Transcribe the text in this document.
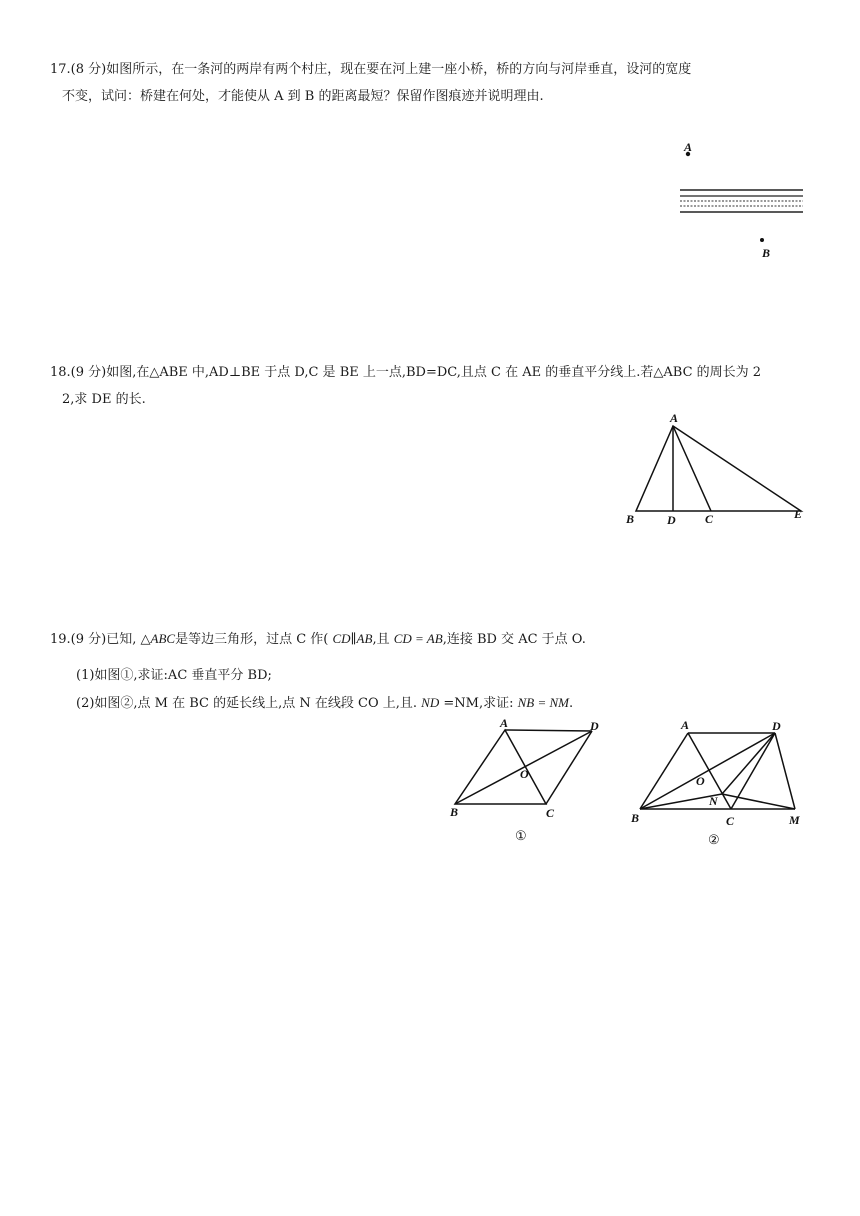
17.(8 分)如图所示，在一条河的两岸有两个村庄，现在要在河上建一座小桥，桥的方向与河岸垂直，设河的宽度
不变，试问：桥建在何处，才能使从 A 到 B 的距离最短？保留作图痕迹并说明理由.
A
B
18.(9 分)如图,在△ABE 中,AD⊥BE 于点 D,C 是 BE 上一点,BD=DC,且点 C 在 AE 的垂直平分线上.若△ABC 的周长为 2
2,求 DE 的长.
A
B	D C	E
19.(9 分)已知, △ABC是等边三角形，过点 C 作( CD∥AB,且 CD = AB,连接 BD 交 AC 于点 O.
(1)如图①,求证:AC 垂直平分 BD;
(2)如图②,点 M 在 BC 的延长线上,点 N 在线段 CO 上,且. ND =NM,求证: NB = NM.
A	D
O
B	C
①
A	D
O
N
B	C	M
②
